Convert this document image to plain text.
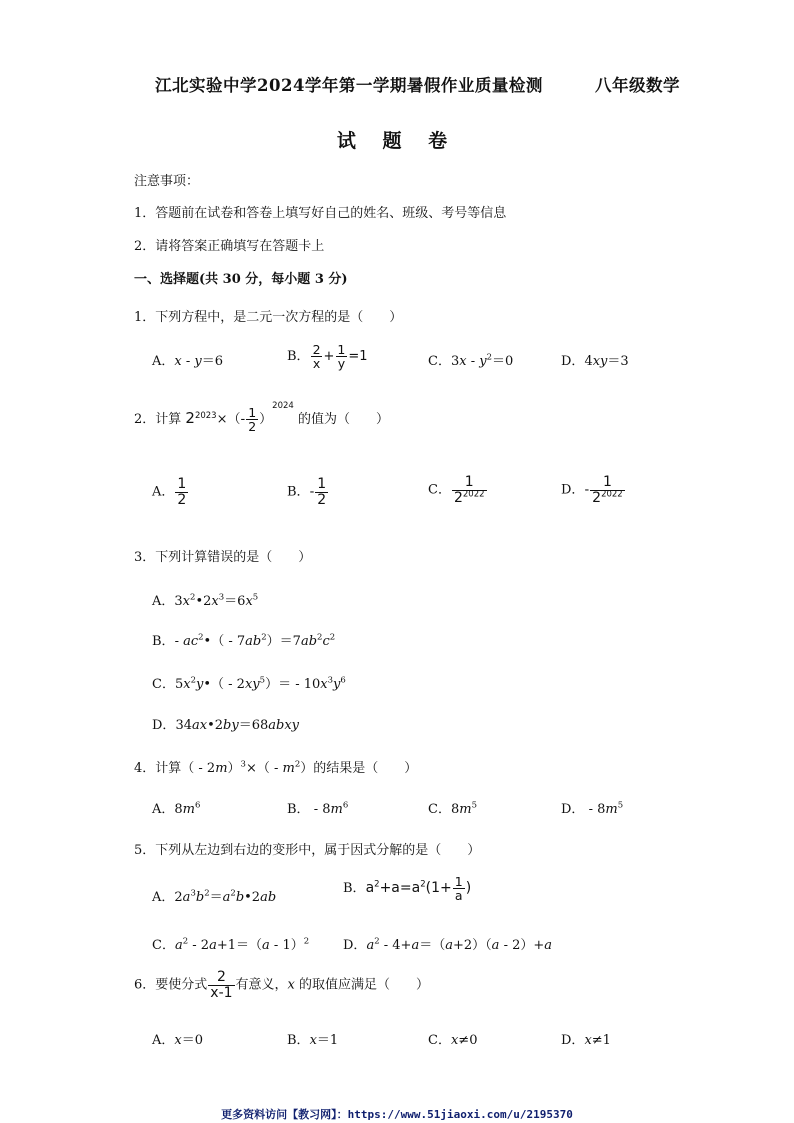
江北实验中学2024学年第一学期暑假作业质量检测	八年级数学
试 题 卷
注意事项：
1．答题前在试卷和答卷上填写好自己的姓名、班级、考号等信息
2．请将答案正确填写在答题卡上
一、选择题(共 30 分，每小题 3 分)
1．下列方程中，是二元一次方程的是（　　）
A．x - y＝6	B． $\frac{2}{x} + \frac{1}{y} =1$	C．$3x - y^2=0$	D．4xy＝3
2．计算 $2^{2023}\times(- \frac{1}{2} )^{2024}$ 的值为（　　）
A． $\frac{1}{2}$	B．- $\frac{1}{2}$	C． $\frac{1}{2^{2022}}$	D．- $\frac{1}{2^{2022}}$
3．下列计算错误的是（　　）
A．$3x^2•2x^3=6x^5$
B．- $ac^2•( - 7ab^2)=7ab^2c^2$
C．$5x^2y•( - 2xy^5)= - 10x^3y^6$
D．34ax•2by＝68abxy
4．计算（ - $2m)^3\times( - m^2)$的结果是（　　）
A．$8m^6$	B． - $8m^6$	C．$8m^5$	D． - $8m^5$
5．下列从左边到右边的变形中，属于因式分解的是（　　）
A．$2a^3b^2=a^2b•2ab$
B．$a^2+a=a^2(1+ \frac{1}{a}$ )
C．$a^2 - 2a+1=(a - 1)^2$	D．$a^2 - 4+a=(a+2)(a - 2)+a$
6．要使分式 $\frac{2}{x-1}$ 有意义，x 的取值应满足（　　）
A．x＝0	B．x＝1	C．x≠0	D．x≠1
更多资料访问【教习网】：https://www.51jiaoxi.com/u/2195370
